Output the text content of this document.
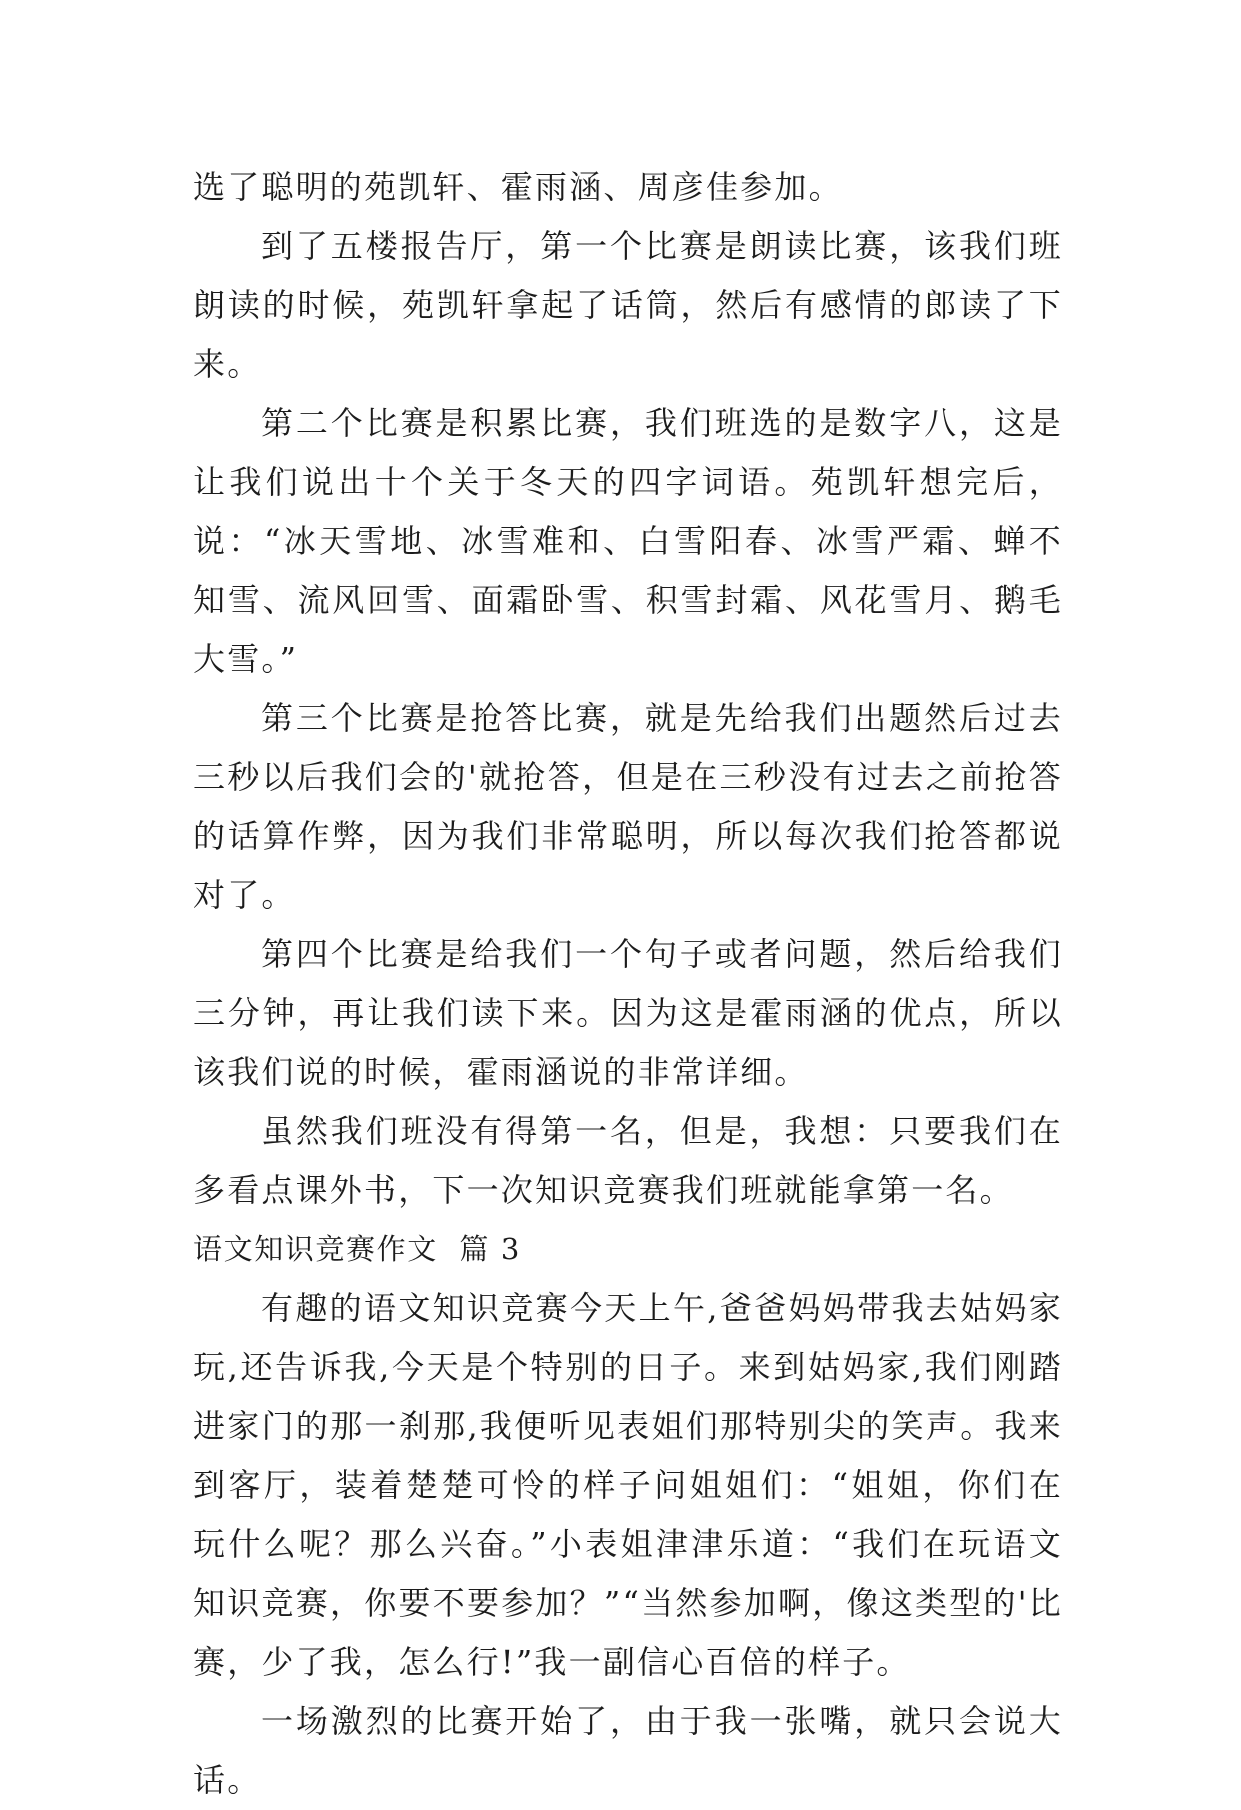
选了聪明的苑凯轩、霍雨涵、周彦佳参加。

到了五楼报告厅，第一个比赛是朗读比赛，该我们班朗读的时候，苑凯轩拿起了话筒，然后有感情的郎读了下来。

第二个比赛是积累比赛，我们班选的是数字八，这是让我们说出十个关于冬天的四字词语。苑凯轩想完后，说：“冰天雪地、冰雪难和、白雪阳春、冰雪严霜、蝉不知雪、流风回雪、面霜卧雪、积雪封霜、风花雪月、鹅毛大雪。”

第三个比赛是抢答比赛，就是先给我们出题然后过去三秒以后我们会的'就抢答，但是在三秒没有过去之前抢答的话算作弊，因为我们非常聪明，所以每次我们抢答都说对了。

第四个比赛是给我们一个句子或者问题，然后给我们三分钟，再让我们读下来。因为这是霍雨涵的优点，所以该我们说的时候，霍雨涵说的非常详细。

虽然我们班没有得第一名，但是，我想：只要我们在多看点课外书，下一次知识竞赛我们班就能拿第一名。

语文知识竞赛作文  篇 3

有趣的语文知识竞赛今天上午,爸爸妈妈带我去姑妈家玩,还告诉我,今天是个特别的日子。来到姑妈家,我们刚踏进家门的那一刹那,我便听见表姐们那特别尖的笑声。我来到客厅，装着楚楚可怜的样子问姐姐们：“姐姐，你们在玩什么呢？那么兴奋。”小表姐津津乐道：“我们在玩语文知识竞赛，你要不要参加？”“当然参加啊，像这类型的'比赛，少了我，怎么行!”我一副信心百倍的样子。

一场激烈的比赛开始了，由于我一张嘴，就只会说大话。
